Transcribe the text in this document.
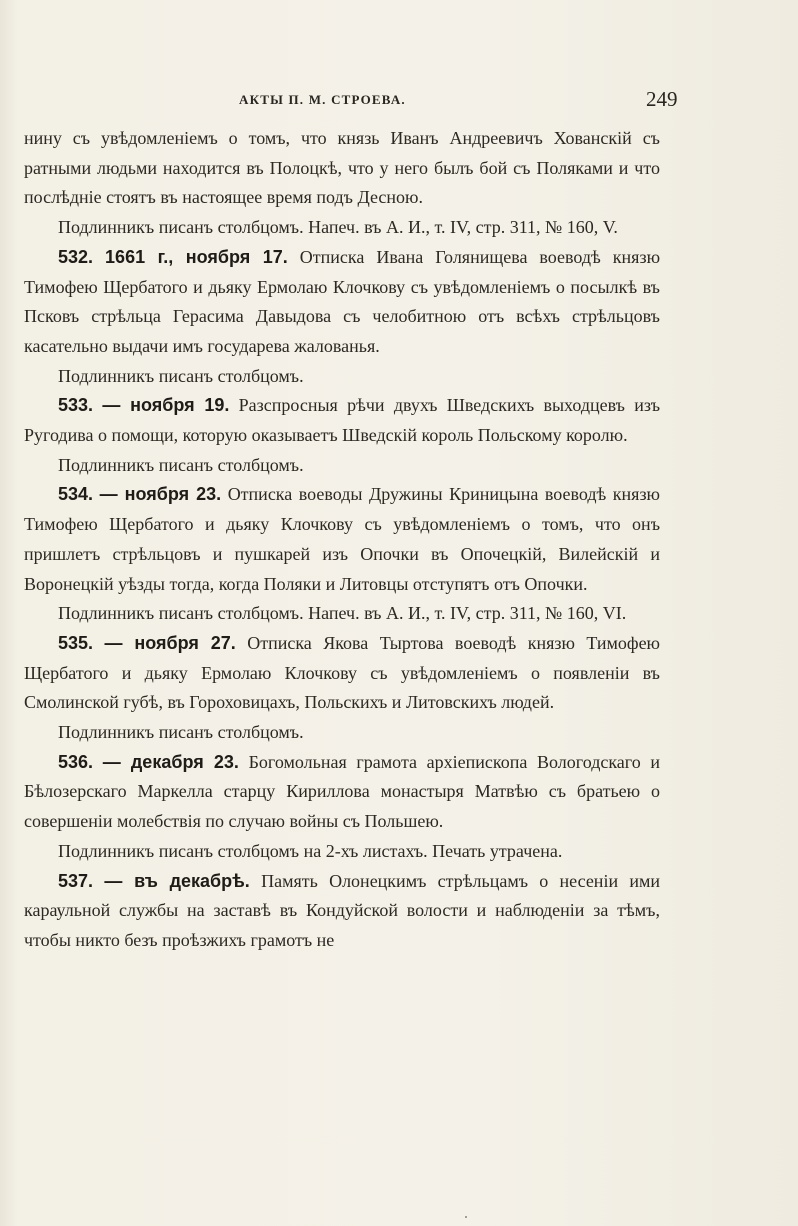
АКТЫ П. М. СТРОЕВА.	249

нину съ увѣдомленіемъ о томъ, что князь Иванъ Андреевичъ Хованскій съ ратными людьми находится въ Полоцкѣ, что у него былъ бой съ Поляками и что послѣдніе стоятъ въ настоящее время подъ Десною.

Подлинникъ писанъ столбцомъ. Напеч. въ А. И., т. IV, стр. 311, № 160, V.

532. 1661 г., ноября 17. Отписка Ивана Голянищева воеводѣ князю Тимофею Щербатого и дьяку Ермолаю Клочкову съ увѣдомленіемъ о посылкѣ въ Псковъ стрѣльца Герасима Давыдова съ челобитною отъ всѣхъ стрѣльцовъ касательно выдачи имъ государева жалованья.

Подлинникъ писанъ столбцомъ.

533. — ноября 19. Разспросныя рѣчи двухъ Шведскихъ выходцевъ изъ Ругодива о помощи, которую оказываетъ Шведскій король Польскому королю.

Подлинникъ писанъ столбцомъ.

534. — ноября 23. Отписка воеводы Дружины Криницына воеводѣ князю Тимофею Щербатого и дьяку Клочкову съ увѣдомленіемъ о томъ, что онъ пришлетъ стрѣльцовъ и пушкарей изъ Опочки въ Опочецкій, Вилейскій и Воронецкій уѣзды тогда, когда Поляки и Литовцы отступятъ отъ Опочки.

Подлинникъ писанъ столбцомъ. Напеч. въ А. И., т. IV, стр. 311, № 160, VI.

535. — ноября 27. Отписка Якова Тыртова воеводѣ князю Тимофею Щербатого и дьяку Ермолаю Клочкову съ увѣдомленіемъ о появленіи въ Смолинской губѣ, въ Гороховицахъ, Польскихъ и Литовскихъ людей.

Подлинникъ писанъ столбцомъ.

536. — декабря 23. Богомольная грамота архіепископа Вологодскаго и Бѣлозерскаго Маркелла старцу Кириллова монастыря Матвѣю съ братьею о совершеніи молебствія по случаю войны съ Польшею.

Подлинникъ писанъ столбцомъ на 2-хъ листахъ. Печать утрачена.

537. — въ декабрѣ. Память Олонецкимъ стрѣльцамъ о несеніи ими караульной службы на заставѣ въ Кондуйской волости и наблюденіи за тѣмъ, чтобы никто безъ проѣзжихъ грамотъ не
